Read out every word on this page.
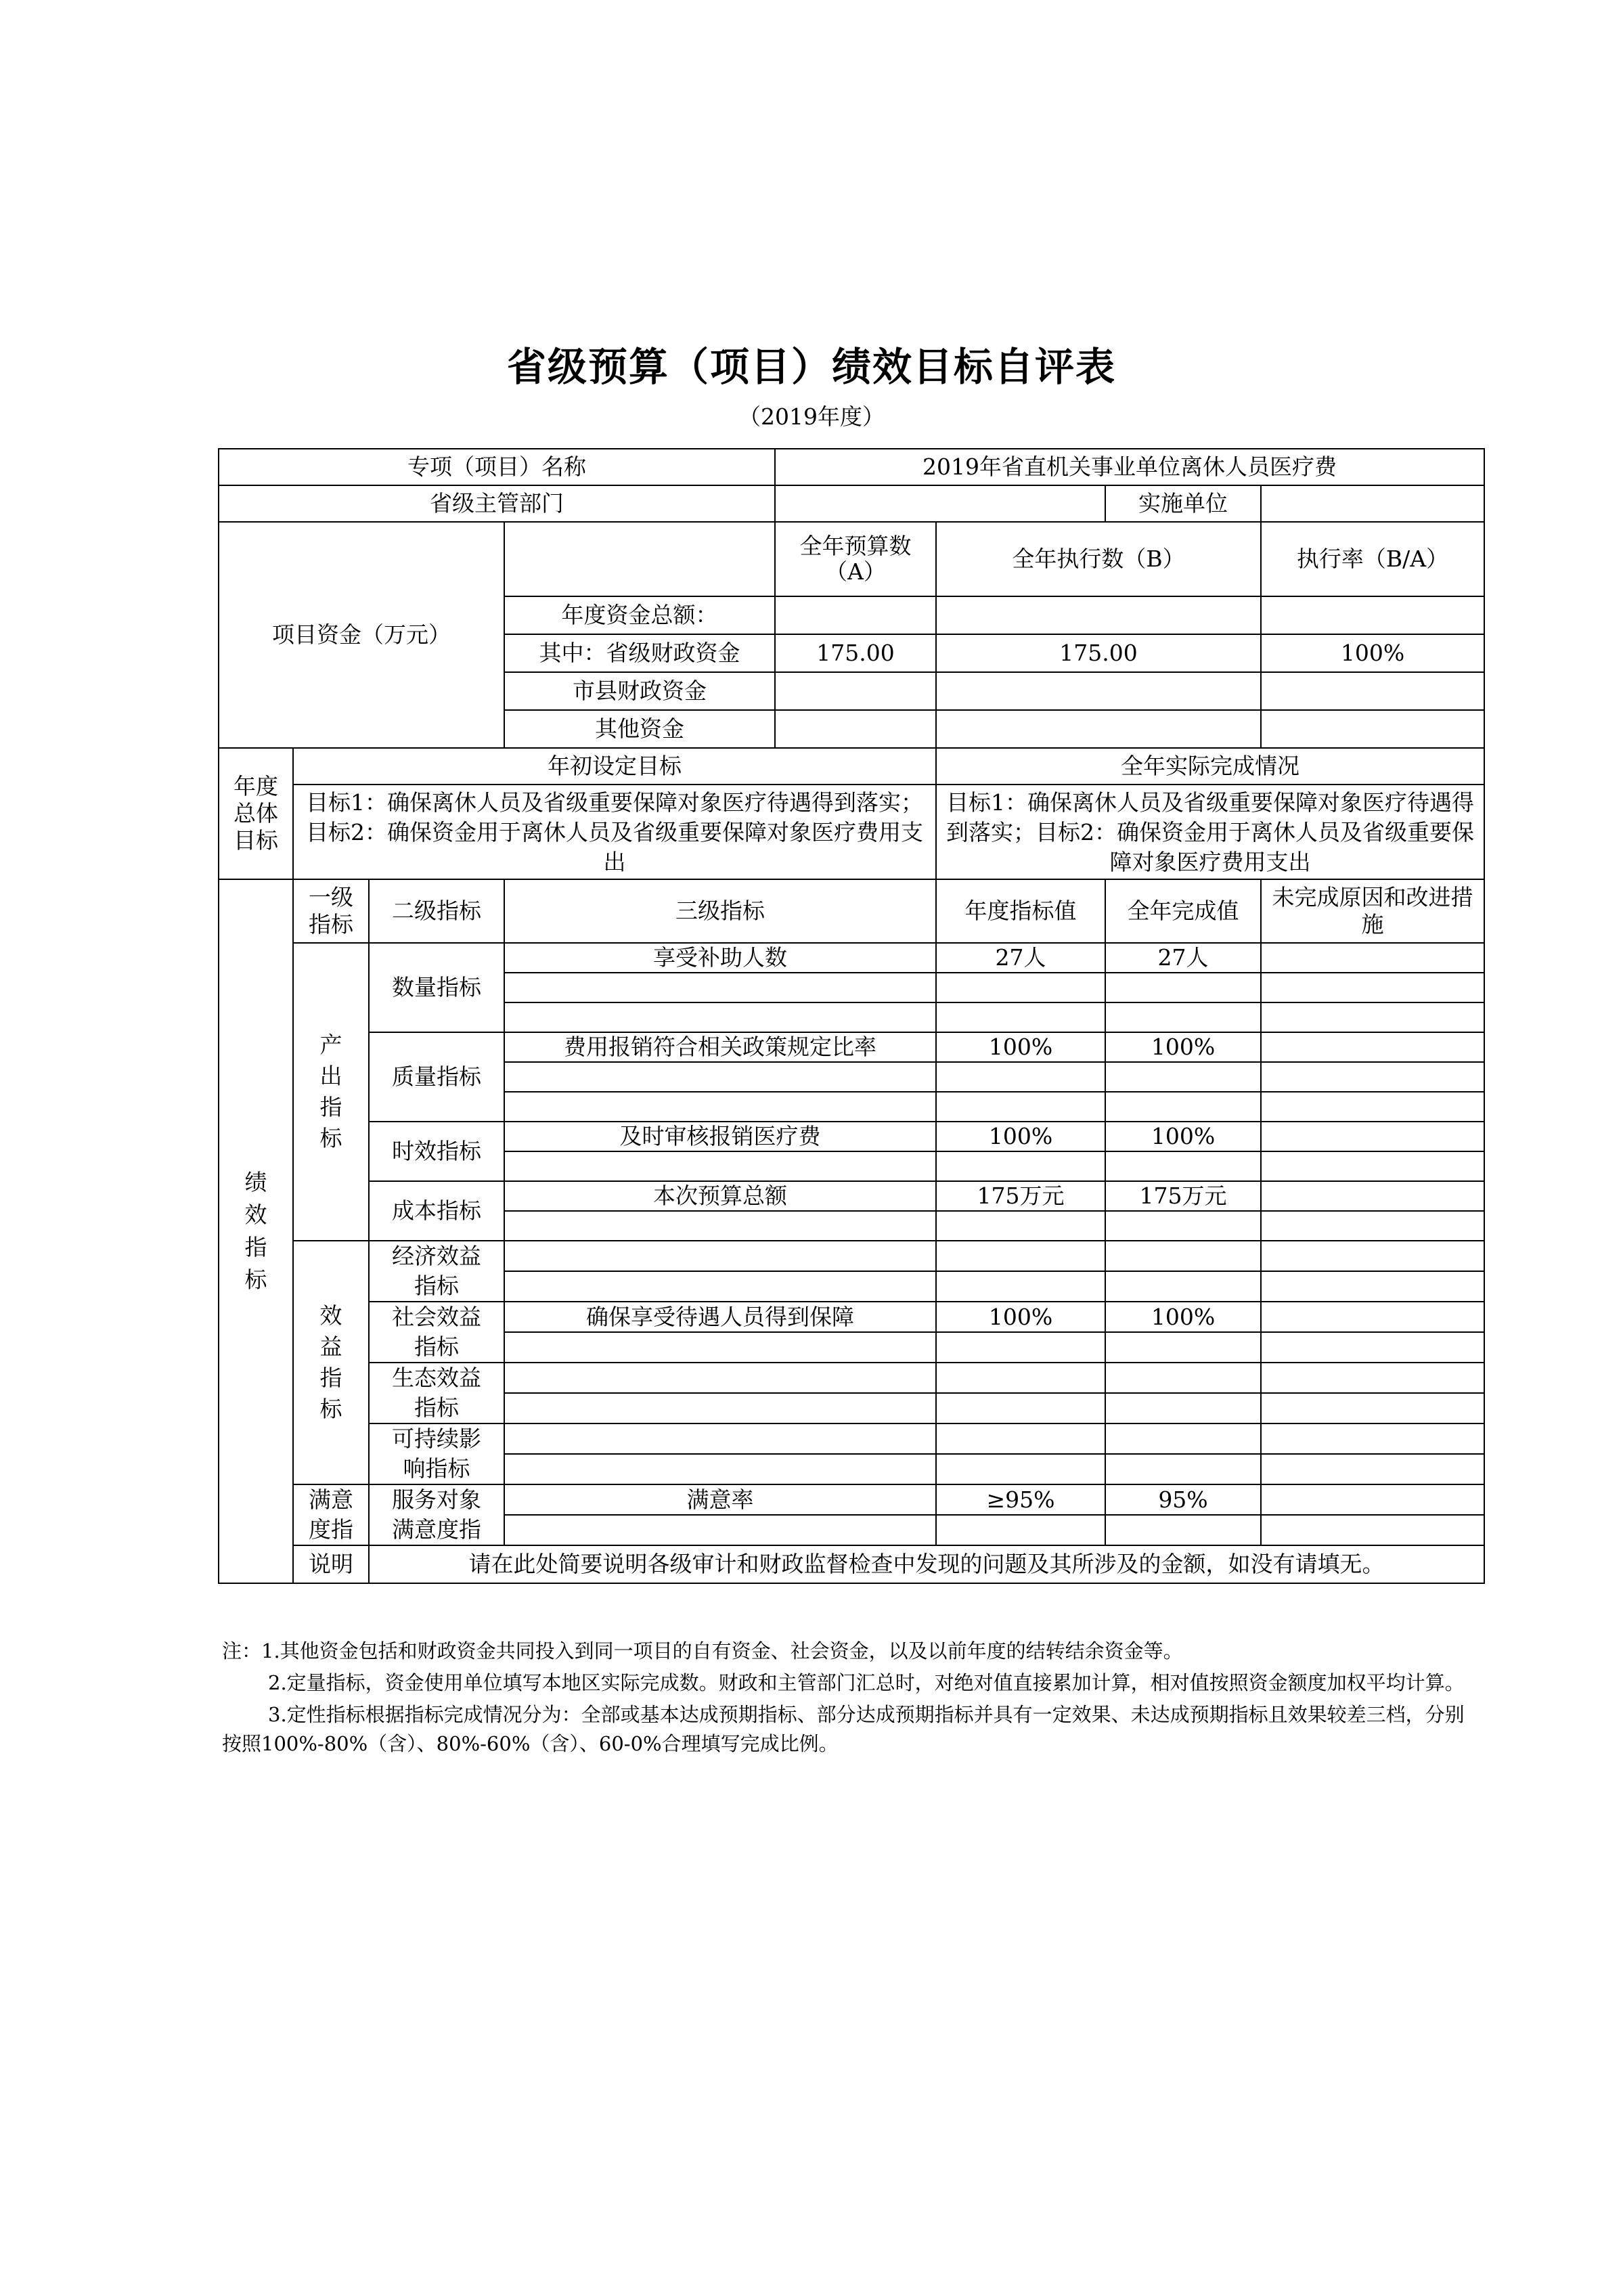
省级预算（项目）绩效目标自评表
（2019年度）
专项（项目）名称				2019年省直机关事业单位离休人员医疗费			
省级主管部门						实施单位	
项目资金（万元）				全年预算数（A）	全年执行数（B）		执行率（B/A）
			年度资金总额：				
			其中：省级财政资金	175.00	175.00		100%
			市县财政资金				
			其他资金				
年度总体目标	年初设定目标				全年实际完成情况		
	目标1：确保离休人员及省级重要保障对象医疗待遇得到落实；目标2：确保资金用于离休人员及省级重要保障对象医疗费用支出				目标1：确保离休人员及省级重要保障对象医疗待遇得到落实；目标2：确保资金用于离休人员及省级重要保障对象医疗费用支出		
绩效指标	一级指标	二级指标	三级指标		年度指标值	全年完成值	未完成原因和改进措施
	产出指标	数量指标	享受补助人数		27人	27人	

		质量指标	费用报销符合相关政策规定比率		100%	100%	

		时效指标	及时审核报销医疗费		100%	100%	

		成本指标	本次预算总额		175万元	175万元	

	效益指标	经济效益指标					

		社会效益指标	确保享受待遇人员得到保障		100%	100%	

		生态效益指标					

		可持续影响指标					

	满意度指	服务对象满意度指	满意率		≥95%	95%	

	说明	请在此处简要说明各级审计和财政监督检查中发现的问题及其所涉及的金额，如没有请填无。					

注：1.其他资金包括和财政资金共同投入到同一项目的自有资金、社会资金，以及以前年度的结转结余资金等。

2.定量指标，资金使用单位填写本地区实际完成数。财政和主管部门汇总时，对绝对值直接累加计算，相对值按照资金额度加权平均计算。

3.定性指标根据指标完成情况分为：全部或基本达成预期指标、部分达成预期指标并具有一定效果、未达成预期指标且效果较差三档，分别按照100%-80%（含）、80%-60%（含）、60-0%合理填写完成比例。
